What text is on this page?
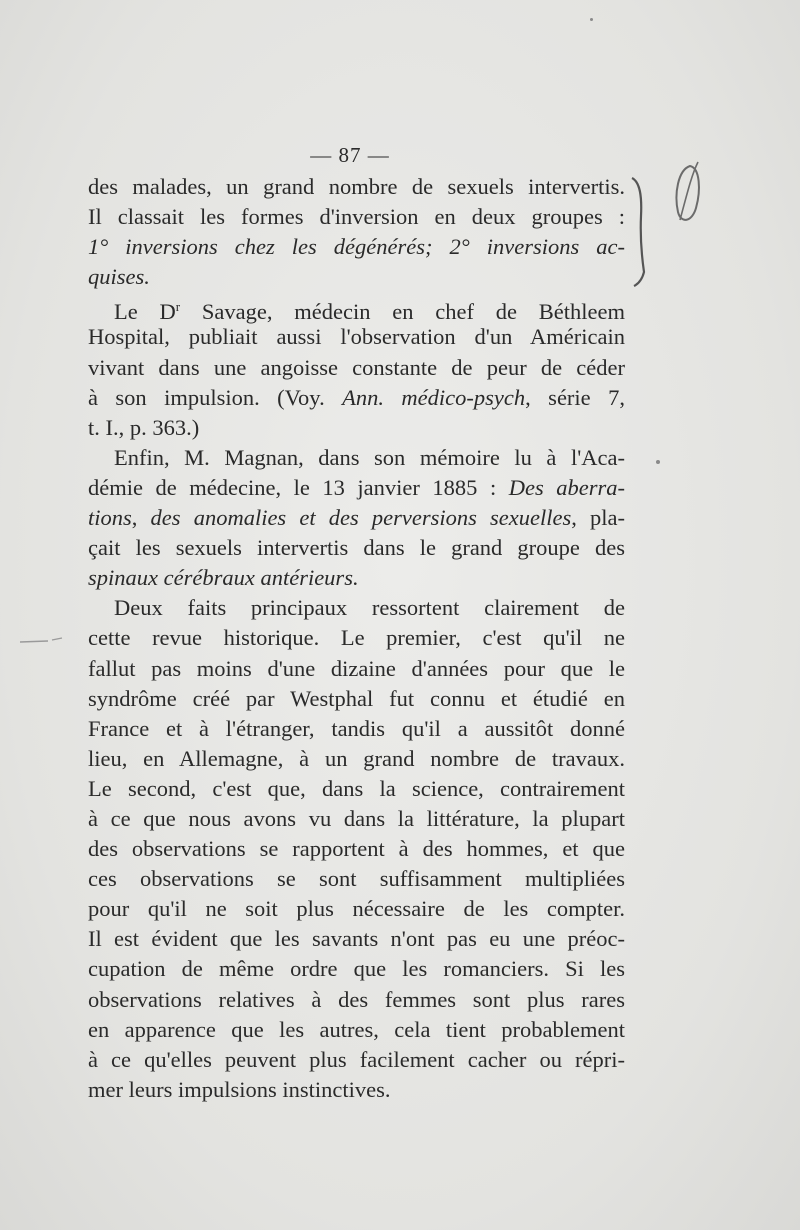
— 87 —
des malades, un grand nombre de sexuels intervertis.
Il classait les formes d'inversion en deux groupes :
1° inversions chez les dégénérés; 2° inversions ac-
quises.
Le $D^r$ Savage, médecin en chef de Béthleem
Hospital, publiait aussi l'observation d'un Américain
vivant dans une angoisse constante de peur de céder
à son impulsion. (Voy. Ann. médico-psych, série 7,
t. I., p. 363.)
Enfin, M. Magnan, dans son mémoire lu à l'Aca-
démie de médecine, le 13 janvier 1885 : Des aberra-
tions, des anomalies et des perversions sexuelles, pla-
çait les sexuels intervertis dans le grand groupe des
spinaux cérébraux antérieurs.
Deux faits principaux ressortent clairement de
cette revue historique. Le premier, c'est qu'il ne
fallut pas moins d'une dizaine d'années pour que le
syndrôme créé par Westphal fut connu et étudié en
France et à l'étranger, tandis qu'il a aussitôt donné
lieu, en Allemagne, à un grand nombre de travaux.
Le second, c'est que, dans la science, contrairement
à ce que nous avons vu dans la littérature, la plupart
des observations se rapportent à des hommes, et que
ces observations se sont suffisamment multipliées
pour qu'il ne soit plus nécessaire de les compter.
Il est évident que les savants n'ont pas eu une préoc-
cupation de même ordre que les romanciers. Si les
observations relatives à des femmes sont plus rares
en apparence que les autres, cela tient probablement
à ce qu'elles peuvent plus facilement cacher ou répri-
mer leurs impulsions instinctives.
